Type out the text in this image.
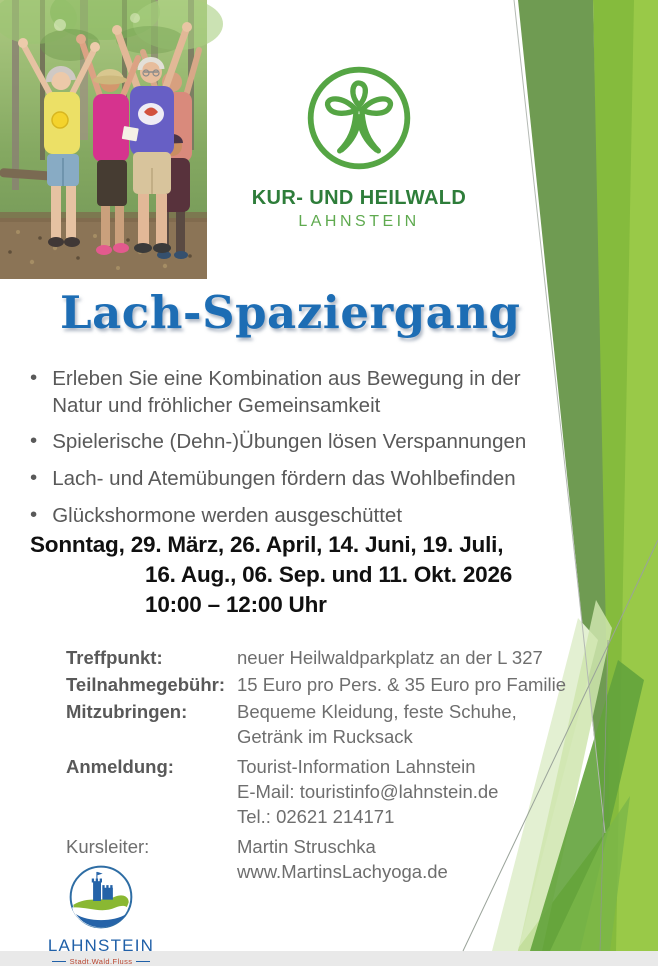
KUR- UND HEILWALD
LAHNSTEIN
Lach-Spaziergang
• Erleben Sie eine Kombination aus Bewegung in der Natur und fröhlicher Gemeinsamkeit
• Spielerische (Dehn-)Übungen lösen Verspannungen
• Lach- und Atemübungen fördern das Wohlbefinden
• Glückshormone werden ausgeschüttet
Sonntag, 29. März, 26. April, 14. Juni, 19. Juli,
16. Aug., 06. Sep. und 11. Okt. 2026
10:00 – 12:00 Uhr
Treffpunkt:	neuer Heilwaldparkplatz an der L 327
Teilnahmegebühr: 15 Euro pro Pers. & 35 Euro pro Familie
Mitzubringen:	Bequeme Kleidung, feste Schuhe,
Getränk im Rucksack
Anmeldung:	Tourist-Information Lahnstein
E-Mail: touristinfo@lahnstein.de
Tel.: 02621 214171
Kursleiter:	Martin Struschka
www.MartinsLachyoga.de
LAHNSTEIN
Stadt.Wald.Fluss
